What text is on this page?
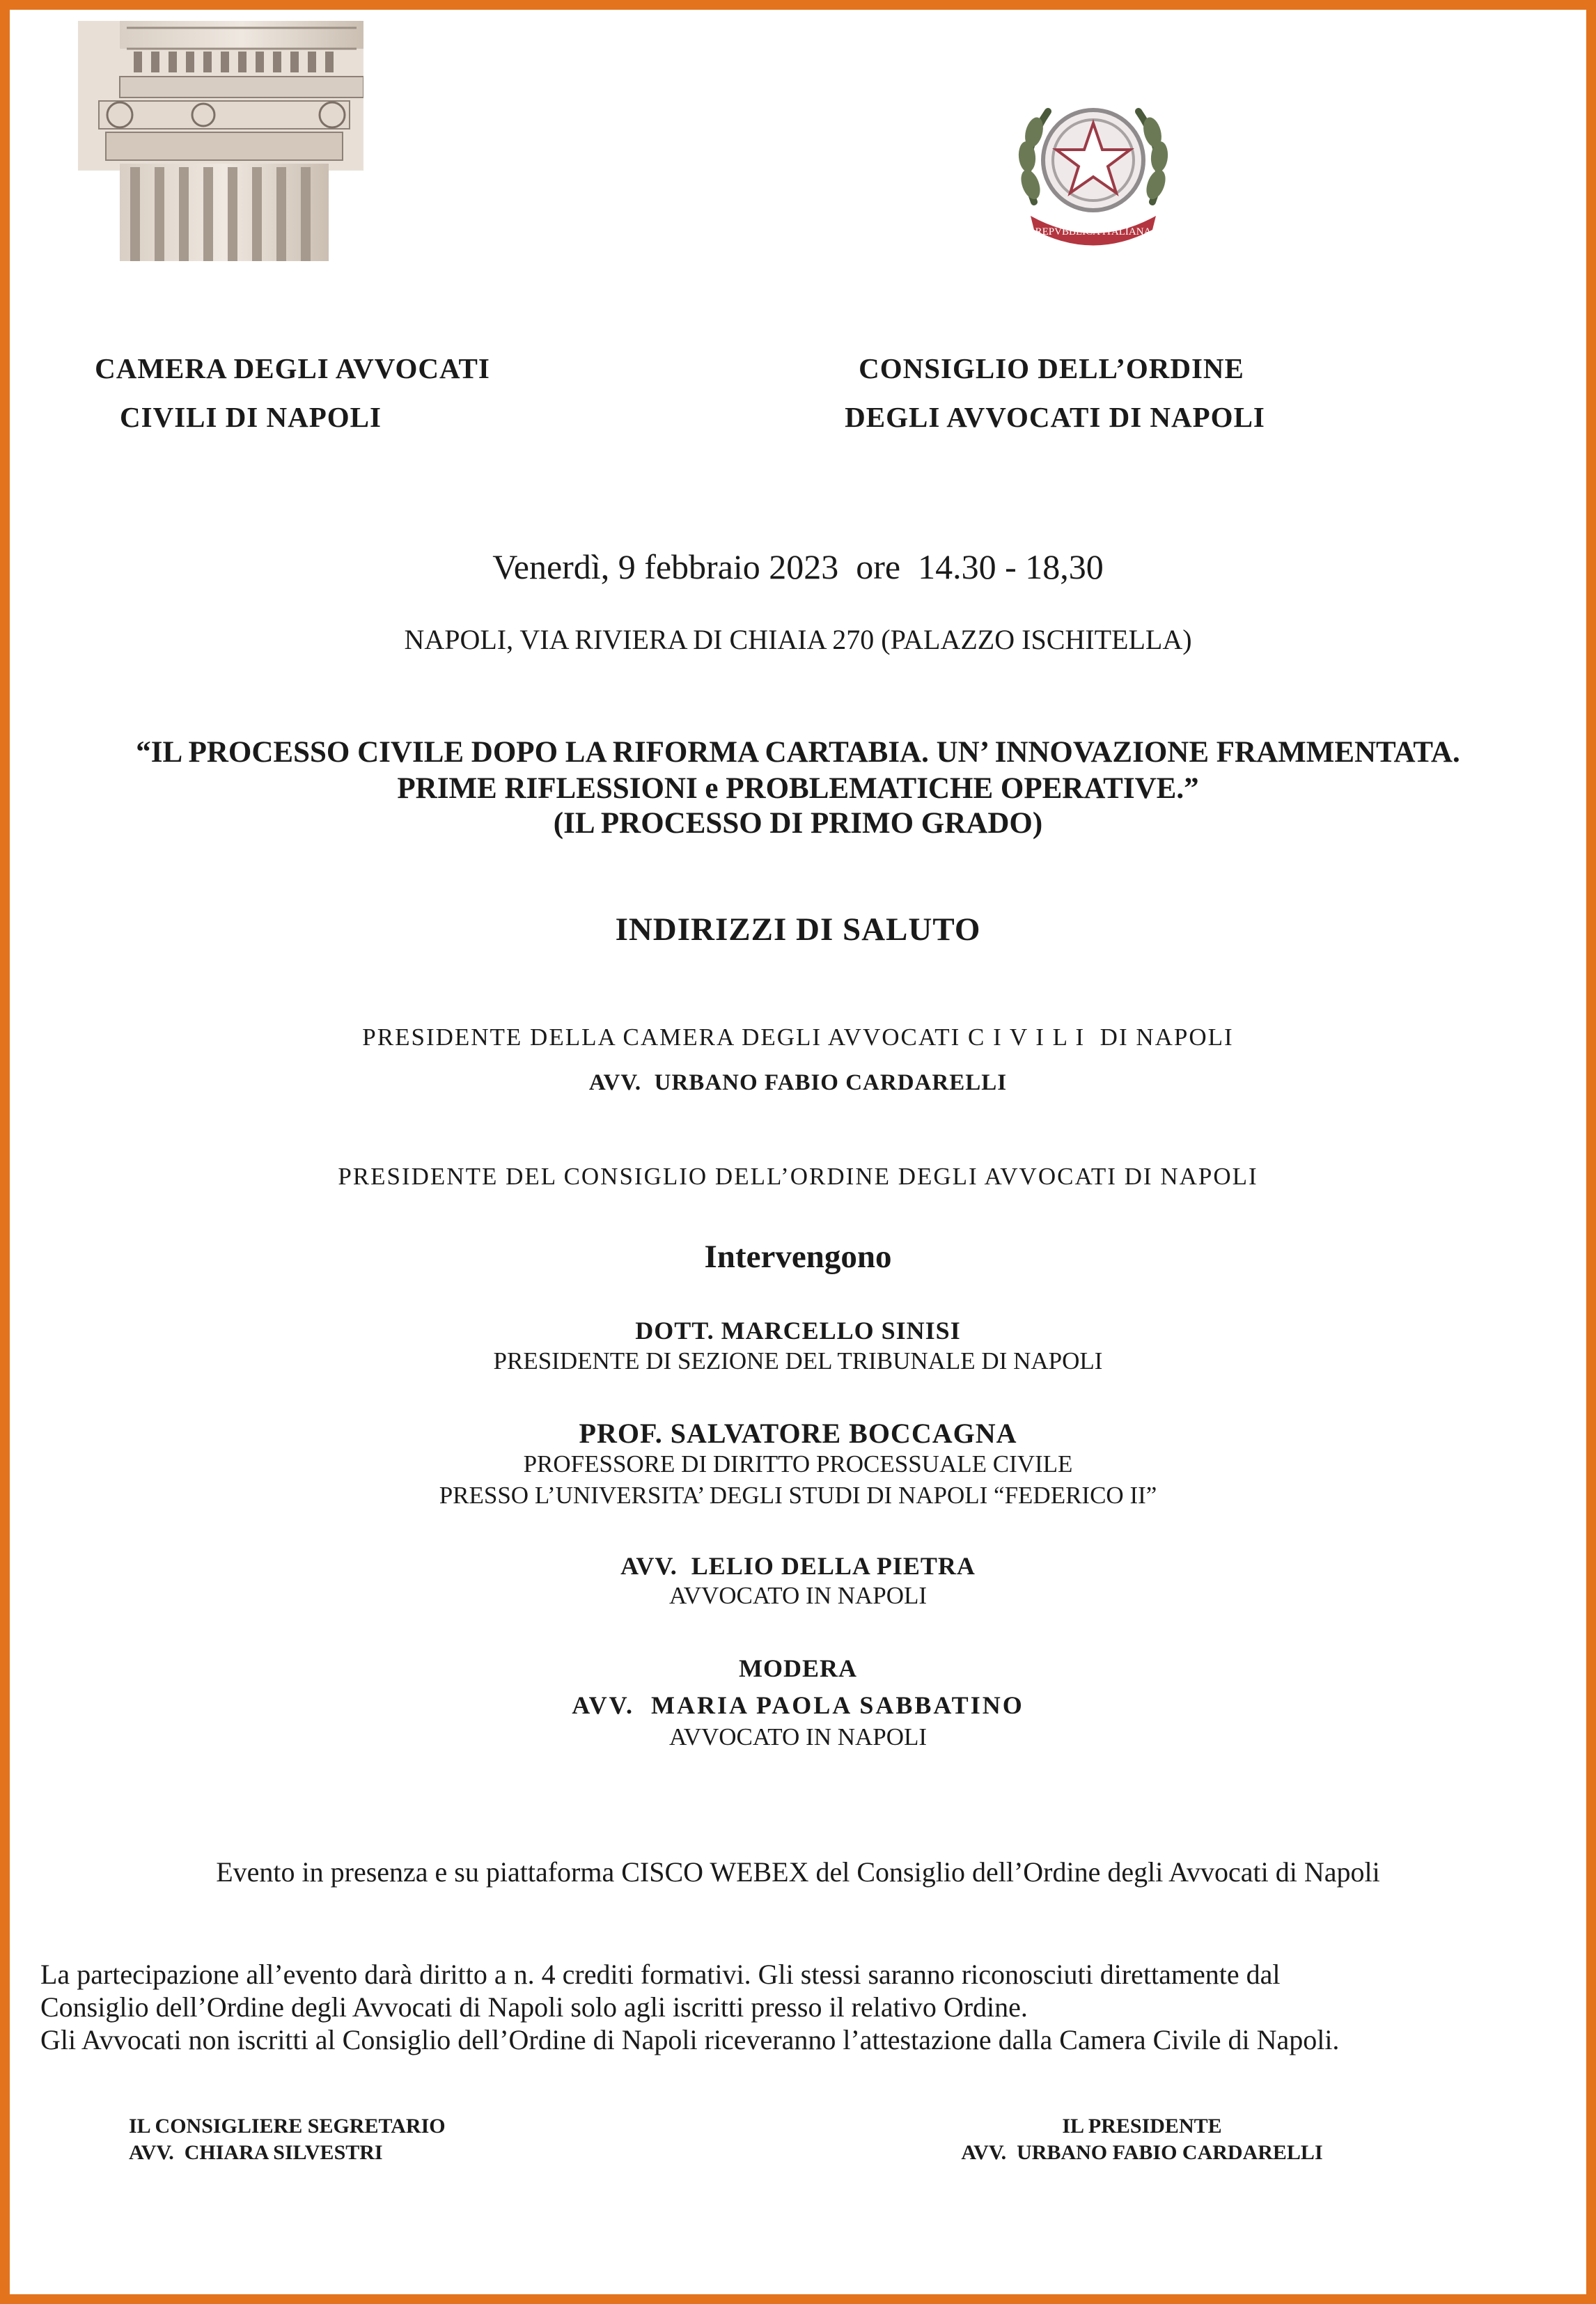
REPVBBLICA ITALIANA
CAMERA DEGLI AVVOCATI
CIVILI DI NAPOLI
CONSIGLIO DELL’ORDINE
DEGLI AVVOCATI DI NAPOLI
Venerdì, 9 febbraio 2023  ore  14.30 - 18,30
NAPOLI, VIA RIVIERA DI CHIAIA 270 (PALAZZO ISCHITELLA)
“IL PROCESSO CIVILE DOPO LA RIFORMA CARTABIA. UN’ INNOVAZIONE FRAMMENTATA.
PRIME RIFLESSIONI e PROBLEMATICHE OPERATIVE.”
(IL PROCESSO DI PRIMO GRADO)
INDIRIZZI DI SALUTO
PRESIDENTE DELLA CAMERA DEGLI AVVOCATI C I V I L I  DI NAPOLI
AVV.  URBANO FABIO CARDARELLI
PRESIDENTE DEL CONSIGLIO DELL’ORDINE DEGLI AVVOCATI DI NAPOLI
Intervengono
DOTT. MARCELLO SINISI
PRESIDENTE DI SEZIONE DEL TRIBUNALE DI NAPOLI
PROF. SALVATORE BOCCAGNA
PROFESSORE DI DIRITTO PROCESSUALE CIVILE
PRESSO L’UNIVERSITA’ DEGLI STUDI DI NAPOLI “FEDERICO II”
AVV.  LELIO DELLA PIETRA
AVVOCATO IN NAPOLI
MODERA
AVV.  MARIA PAOLA SABBATINO
AVVOCATO IN NAPOLI
Evento in presenza e su piattaforma CISCO WEBEX del Consiglio dell’Ordine degli Avvocati di Napoli
La partecipazione all’evento darà diritto a n. 4 crediti formativi. Gli stessi saranno riconosciuti direttamente dal
Consiglio dell’Ordine degli Avvocati di Napoli solo agli iscritti presso il relativo Ordine.
Gli Avvocati non iscritti al Consiglio dell’Ordine di Napoli riceveranno l’attestazione dalla Camera Civile di Napoli.
IL CONSIGLIERE SEGRETARIO
AVV.  CHIARA SILVESTRI
IL PRESIDENTE
AVV.  URBANO FABIO CARDARELLI
